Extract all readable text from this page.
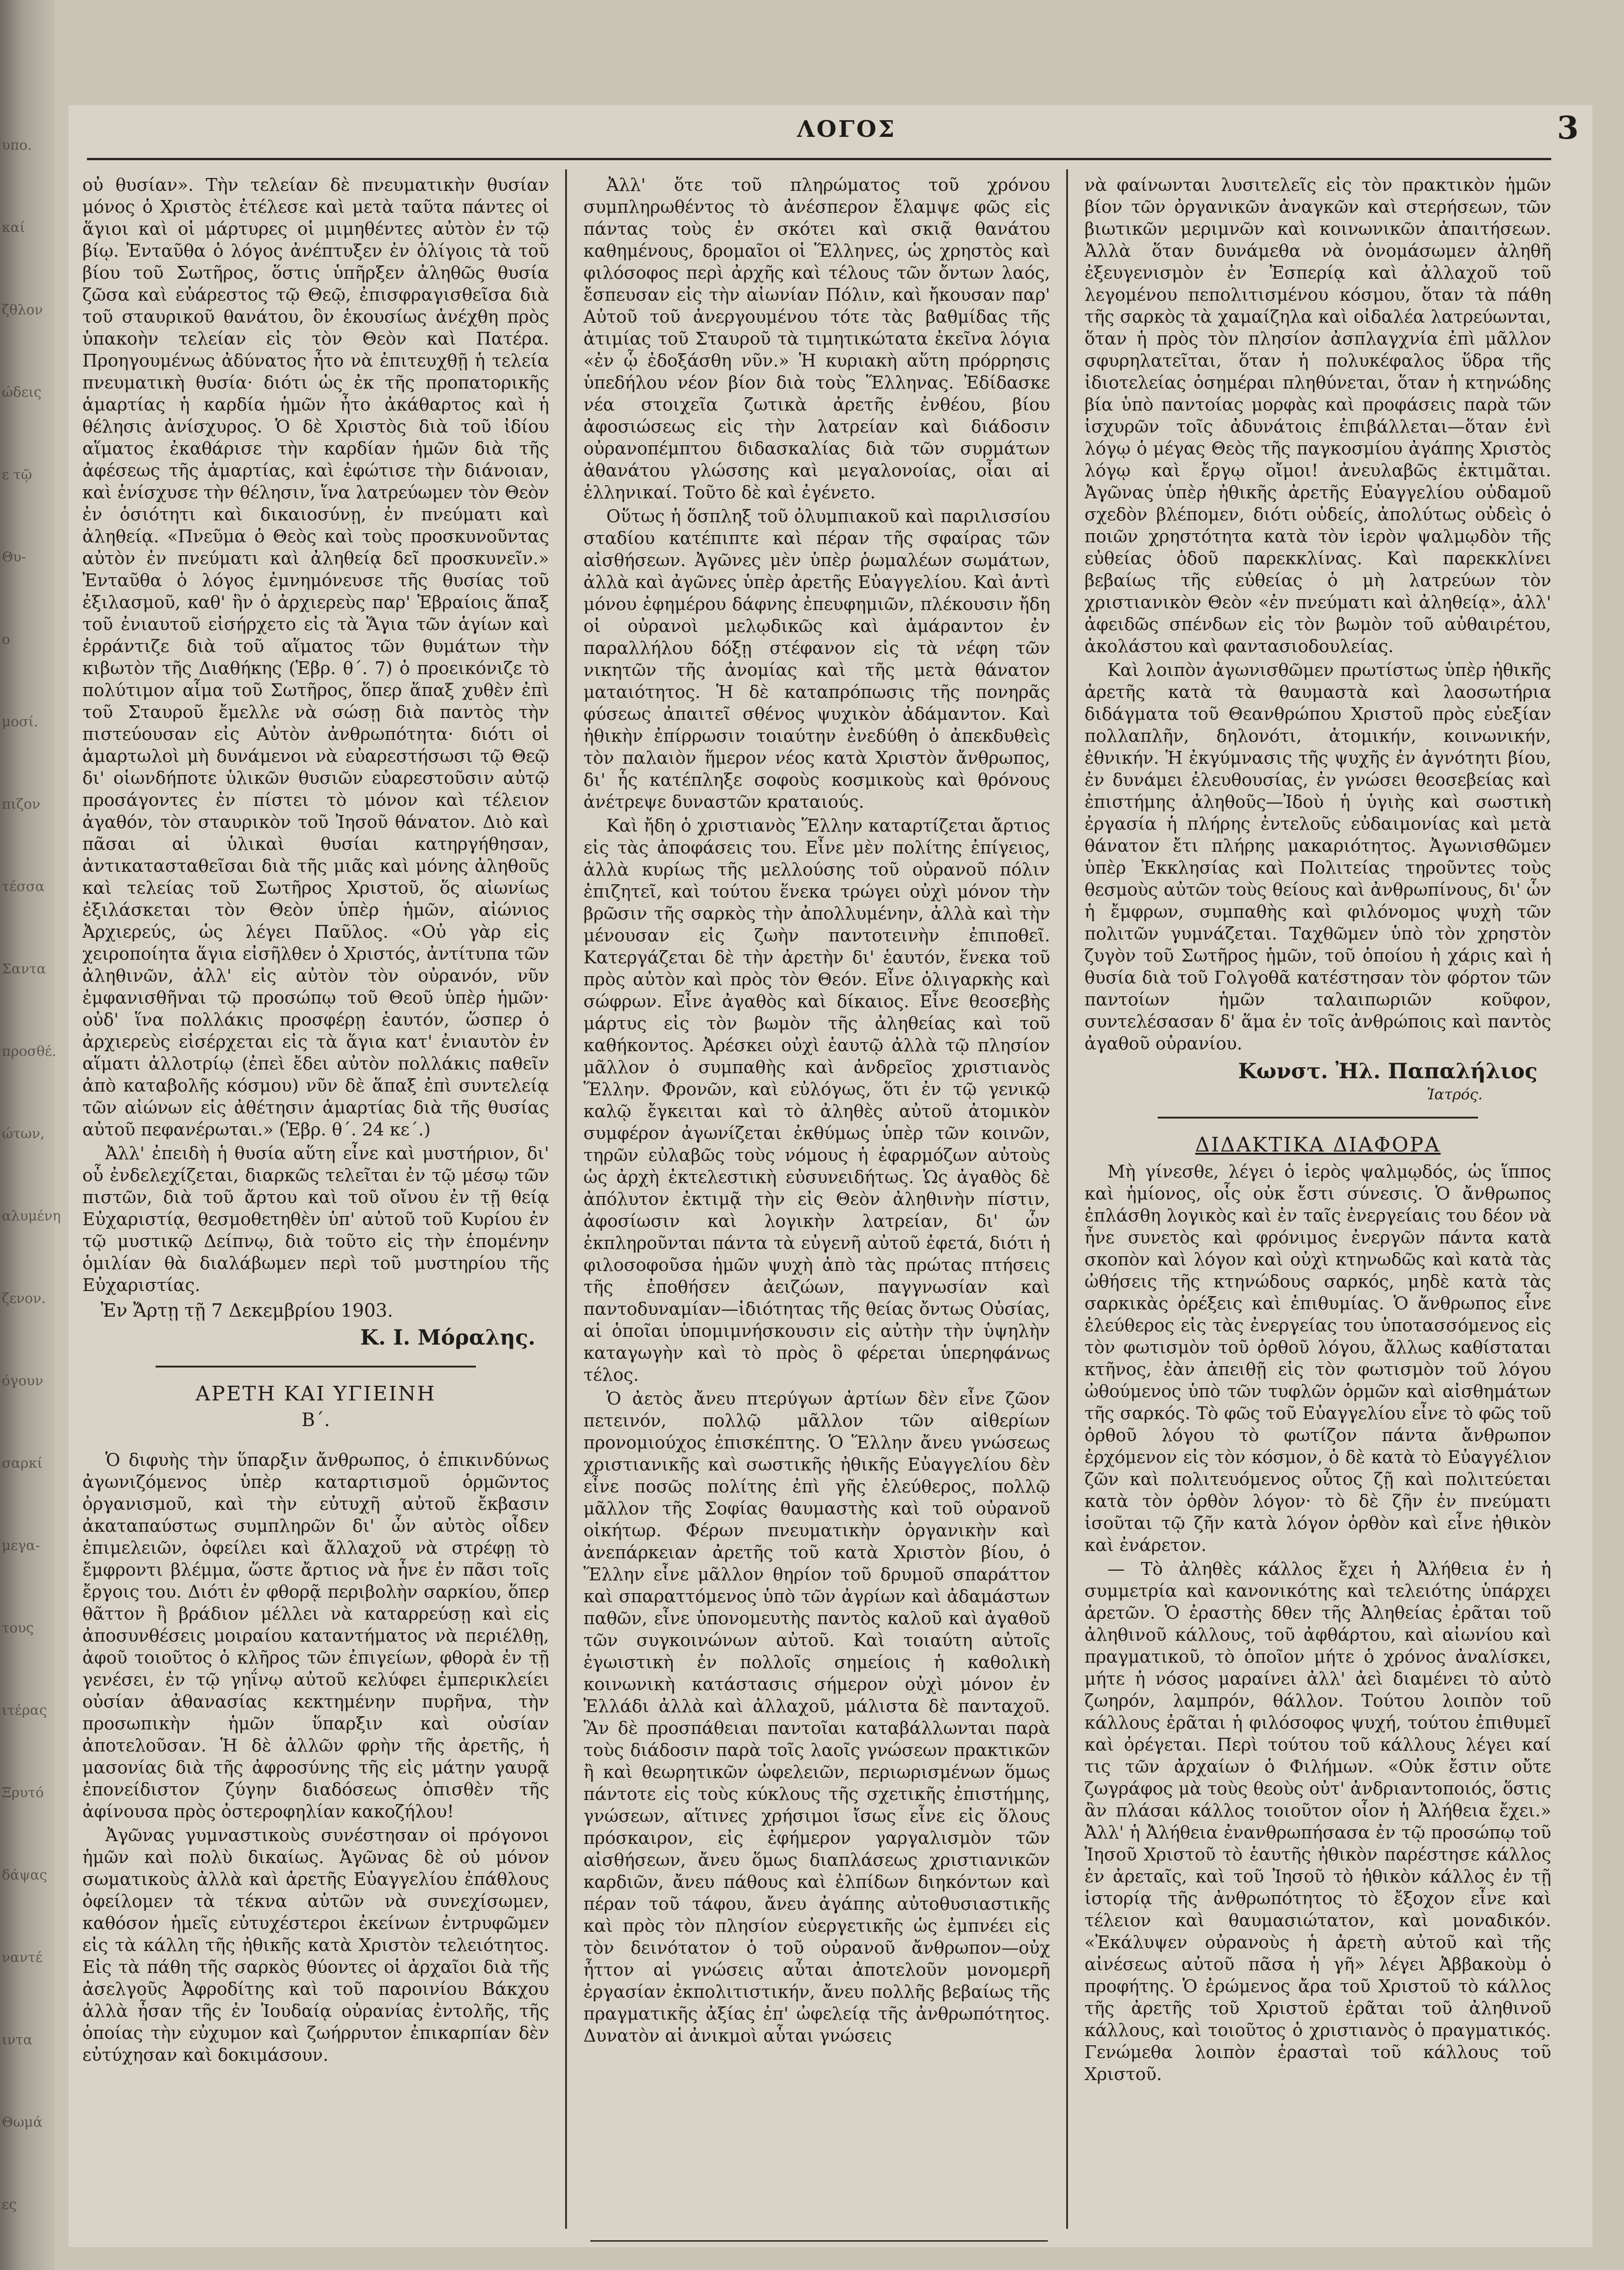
υπο.
καί
ζθλον
ώδεις
ε τῷ
Θυ-
ο
μοσί.
πιζον
τέσσα
Σαντα
προσθέ.
ώτων,
αλυμένη
ζενον.
όγουν
σαρκί
μεγα-
τους
ιτέρας
Ξρυτό
δάψας
ναντέ
ιντα
Θωμά
ες
ΛΟΓΟΣ	3

οὐ θυσίαν». Τὴν τελείαν δὲ πνευματικὴν θυσίαν μόνος ὁ Χριστὸς ἐτέλεσε καὶ μετὰ ταῦτα πάντες οἱ ἅγιοι καὶ οἱ μάρτυρες οἱ μιμηθέντες αὐτὸν ἐν τῷ βίῳ. Ἐνταῦθα ὁ λόγος ἀνέπτυξεν ἐν ὀλίγοις τὰ τοῦ βίου τοῦ Σωτῆρος, ὅστις ὑπῆρξεν ἀληθῶς θυσία ζῶσα καὶ εὐάρεστος τῷ Θεῷ, ἐπισφραγισθεῖσα διὰ τοῦ σταυρικοῦ θανάτου, ὃν ἑκουσίως ἀνέχθη πρὸς ὑπακοὴν τελείαν εἰς τὸν Θεὸν καὶ Πατέρα. Προηγουμένως ἀδύνατος ἦτο νὰ ἐπιτευχθῇ ἡ τελεία πνευματικὴ θυσία· διότι ὡς ἐκ τῆς προπατορικῆς ἁμαρτίας ἡ καρδία ἡμῶν ἦτο ἀκάθαρτος καὶ ἡ θέλησις ἀνίσχυρος. Ὁ δὲ Χριστὸς διὰ τοῦ ἰδίου αἵματος ἐκαθάρισε τὴν καρδίαν ἡμῶν διὰ τῆς ἀφέσεως τῆς ἁμαρτίας, καὶ ἐφώτισε τὴν διάνοιαν, καὶ ἐνίσχυσε τὴν θέλησιν, ἵνα λατρεύωμεν τὸν Θεὸν ἐν ὁσιότητι καὶ δικαιοσύνῃ, ἐν πνεύματι καὶ ἀληθείᾳ. «Πνεῦμα ὁ Θεὸς καὶ τοὺς προσκυνοῦντας αὐτὸν ἐν πνεύματι καὶ ἀληθείᾳ δεῖ προσκυνεῖν.» Ἐνταῦθα ὁ λόγος ἐμνημόνευσε τῆς θυσίας τοῦ ἐξιλασμοῦ, καθ' ἣν ὁ ἀρχιερεὺς παρ' Ἑβραίοις ἅπαξ τοῦ ἐνιαυτοῦ εἰσήρχετο εἰς τὰ Ἅγια τῶν ἁγίων καὶ ἐρράντιζε διὰ τοῦ αἵματος τῶν θυμάτων τὴν κιβωτὸν τῆς Διαθήκης (Ἑβρ. θ΄. 7) ὁ προεικόνιζε τὸ πολύτιμον αἷμα τοῦ Σωτῆρος, ὅπερ ἅπαξ χυθὲν ἐπὶ τοῦ Σταυροῦ ἔμελλε νὰ σώσῃ διὰ παντὸς τὴν πιστεύουσαν εἰς Αὐτὸν ἀνθρωπότητα· διότι οἱ ἁμαρτωλοὶ μὴ δυνάμενοι νὰ εὐαρεστήσωσι τῷ Θεῷ δι' οἱωνδήποτε ὑλικῶν θυσιῶν εὐαρεστοῦσιν αὐτῷ προσάγοντες ἐν πίστει τὸ μόνον καὶ τέλειον ἀγαθόν, τὸν σταυρικὸν τοῦ Ἰησοῦ θάνατον. Διὸ καὶ πᾶσαι αἱ ὑλικαὶ θυσίαι κατηργήθησαν, ἀντικατασταθεῖσαι διὰ τῆς μιᾶς καὶ μόνης ἀληθοῦς καὶ τελείας τοῦ Σωτῆρος Χριστοῦ, ὅς αἰωνίως ἐξιλάσκεται τὸν Θεὸν ὑπὲρ ἡμῶν, αἰώνιος Ἀρχιερεύς, ὡς λέγει Παῦλος. «Οὐ γὰρ εἰς χειροποίητα ἅγια εἰσῆλθεν ὁ Χριστός, ἀντίτυπα τῶν ἀληθινῶν, ἀλλ' εἰς αὐτὸν τὸν οὐρανόν, νῦν ἐμφανισθῆναι τῷ προσώπῳ τοῦ Θεοῦ ὑπὲρ ἡμῶν· οὐδ' ἵνα πολλάκις προσφέρῃ ἑαυτόν, ὥσπερ ὁ ἀρχιερεὺς εἰσέρχεται εἰς τὰ ἅγια κατ' ἐνιαυτὸν ἐν αἵματι ἀλλοτρίῳ (ἐπεὶ ἔδει αὐτὸν πολλάκις παθεῖν ἀπὸ καταβολῆς κόσμου) νῦν δὲ ἅπαξ ἐπὶ συντελείᾳ τῶν αἰώνων εἰς ἀθέτησιν ἁμαρτίας διὰ τῆς θυσίας αὐτοῦ πεφανέρωται.» (Ἑβρ. θ΄. 24 κε΄.)

Ἀλλ' ἐπειδὴ ἡ θυσία αὕτη εἶνε καὶ μυστήριον, δι' οὗ ἐνδελεχίζεται, διαρκῶς τελεῖται ἐν τῷ μέσῳ τῶν πιστῶν, διὰ τοῦ ἄρτου καὶ τοῦ οἴνου ἐν τῇ θείᾳ Εὐχαριστίᾳ, θεσμοθετηθὲν ὑπ' αὐτοῦ τοῦ Κυρίου ἐν τῷ μυστικῷ Δείπνῳ, διὰ τοῦτο εἰς τὴν ἑπομένην ὁμιλίαν θὰ διαλάβωμεν περὶ τοῦ μυστηρίου τῆς Εὐχαριστίας.

Ἐν Ἄρτῃ τῇ 7 Δεκεμβρίου 1903.
Κ. Ι. Μόραλης.
ΑΡΕΤΗ ΚΑΙ ΥΓΙΕΙΝΗ
Β΄.

Ὁ διφυὴς τὴν ὕπαρξιν ἄνθρωπος, ὁ ἐπικινδύνως ἀγωνιζόμενος ὑπὲρ καταρτισμοῦ ὁρμῶντος ὀργανισμοῦ, καὶ τὴν εὐτυχῆ αὐτοῦ ἔκβασιν ἀκαταπαύστως συμπληρῶν δι' ὧν αὐτὸς οἶδεν ἐπιμελειῶν, ὀφείλει καὶ ἄλλαχοῦ νὰ στρέφῃ τὸ ἔμφροντι βλέμμα, ὥστε ἄρτιος νὰ ἦνε ἐν πᾶσι τοῖς ἔργοις του. Διότι ἐν φθορᾷ περιβολὴν σαρκίου, ὅπερ θᾶττον ἢ βράδιον μέλλει νὰ καταρρεύσῃ καὶ εἰς ἀποσυνθέσεις μοιραίου καταντήματος νὰ περιέλθῃ, ἀφοῦ τοιοῦτος ὁ κλῆρος τῶν ἐπιγείων, φθορὰ ἐν τῇ γενέσει, ἐν τῷ γηΐνῳ αὐτοῦ κελύφει ἐμπερικλείει οὐσίαν ἀθανασίας κεκτημένην πυρῆνα, τὴν προσωπικὴν ἡμῶν ὕπαρξιν καὶ οὐσίαν ἀποτελοῦσαν. Ἡ δὲ ἀλλῶν φρὴν τῆς ἀρετῆς, ἡ μασονίας διὰ τῆς ἀφροσύνης τῆς εἰς μάτην γαυρᾷ ἐπονείδιστον ζύγην διαδόσεως ὀπισθὲν τῆς ἀφίνουσα πρὸς ὀστεροφηλίαν κακοζήλου!

Ἀγῶνας γυμναστικοὺς συνέστησαν οἱ πρόγονοι ἡμῶν καὶ πολὺ δικαίως. Ἀγῶνας δὲ οὐ μόνον σωματικοὺς ἀλλὰ καὶ ἀρετῆς Εὐαγγελίου ἐπάθλους ὀφείλομεν τὰ τέκνα αὐτῶν νὰ συνεχίσωμεν, καθόσον ἡμεῖς εὐτυχέστεροι ἐκείνων ἐντρυφῶμεν εἰς τὰ κάλλη τῆς ἠθικῆς κατὰ Χριστὸν τελειότητος. Εἰς τὰ πάθη τῆς σαρκὸς θύοντες οἱ ἀρχαῖοι διὰ τῆς ἀσελγοῦς Ἀφροδίτης καὶ τοῦ παροινίου Βάκχου ἀλλὰ ἦσαν τῆς ἐν Ἰουδαίᾳ οὐρανίας ἐντολῆς, τῆς ὁποίας τὴν εὐχυμον καὶ ζωήρρυτον ἐπικαρπίαν δὲν εὐτύχησαν καὶ δοκιμάσουν.

Ἀλλ' ὅτε τοῦ πληρώματος τοῦ χρόνου συμπληρωθέντος τὸ ἀνέσπερον ἔλαμψε φῶς εἰς πάντας τοὺς ἐν σκότει καὶ σκιᾷ θανάτου καθημένους, δρομαῖοι οἱ Ἕλληνες, ὡς χρηστὸς καὶ φιλόσοφος περὶ ἀρχῆς καὶ τέλους τῶν ὄντων λαός, ἔσπευσαν εἰς τὴν αἰωνίαν Πόλιν, καὶ ἤκουσαν παρ' Αὐτοῦ τοῦ ἀνεργουμένου τότε τὰς βαθμίδας τῆς ἀτιμίας τοῦ Σταυροῦ τὰ τιμητικώτατα ἐκεῖνα λόγια «ἐν ᾧ ἐδοξάσθη νῦν.» Ἡ κυριακὴ αὕτη πρόρρησις ὑπεδήλου νέον βίον διὰ τοὺς Ἕλληνας. Ἐδίδασκε νέα στοιχεῖα ζωτικὰ ἀρετῆς ἐνθέου, βίου ἀφοσιώσεως εἰς τὴν λατρείαν καὶ διάδοσιν οὐρανοπέμπτου διδασκαλίας διὰ τῶν συρμάτων ἀθανάτου γλώσσης καὶ μεγαλονοίας, οἶαι αἱ ἑλληνικαί. Τοῦτο δὲ καὶ ἐγένετο.

Οὕτως ἡ ὅσπληξ τοῦ ὀλυμπιακοῦ καὶ παριλισσίου σταδίου κατέπιπτε καὶ πέραν τῆς σφαίρας τῶν αἰσθήσεων. Ἀγῶνες μὲν ὑπὲρ ῥωμαλέων σωμάτων, ἀλλὰ καὶ ἀγῶνες ὑπὲρ ἀρετῆς Εὐαγγελίου. Καὶ ἀντὶ μόνου ἐφημέρου δάφνης ἐπευφημιῶν, πλέκουσιν ἤδη οἱ οὐρανοὶ μελῳδικῶς καὶ ἀμάραντον ἐν παραλλήλου δόξῃ στέφανον εἰς τὰ νέφη τῶν νικητῶν τῆς ἀνομίας καὶ τῆς μετὰ θάνατον ματαιότητος. Ἡ δὲ καταπρόπωσις τῆς πονηρᾶς φύσεως ἀπαιτεῖ σθένος ψυχικὸν ἀδάμαντον. Καὶ ἠθικὴν ἐπίρρωσιν τοιαύτην ἐνεδύθη ὁ ἀπεκδυθεὶς τὸν παλαιὸν ἥμερον νέος κατὰ Χριστὸν ἄνθρωπος, δι' ἧς κατέπληξε σοφοὺς κοσμικοὺς καὶ θρόνους ἀνέτρεψε δυναστῶν κραταιούς.

Καὶ ἤδη ὁ χριστιανὸς Ἕλλην καταρτίζεται ἄρτιος εἰς τὰς ἀποφάσεις του. Εἶνε μὲν πολίτης ἐπίγειος, ἀλλὰ κυρίως τῆς μελλούσης τοῦ οὐρανοῦ πόλιν ἐπιζητεῖ, καὶ τούτου ἕνεκα τρώγει οὐχὶ μόνον τὴν βρῶσιν τῆς σαρκὸς τὴν ἀπολλυμένην, ἀλλὰ καὶ τὴν μένουσαν εἰς ζωὴν παντοτεινὴν ἐπιποθεῖ. Κατεργάζεται δὲ τὴν ἀρετὴν δι' ἑαυτόν, ἕνεκα τοῦ πρὸς αὐτὸν καὶ πρὸς τὸν Θεόν. Εἶνε ὀλιγαρκὴς καὶ σώφρων. Εἶνε ἀγαθὸς καὶ δίκαιος. Εἶνε θεοσεβὴς μάρτυς εἰς τὸν βωμὸν τῆς ἀληθείας καὶ τοῦ καθήκοντος. Ἀρέσκει οὐχὶ ἑαυτῷ ἀλλὰ τῷ πλησίον μᾶλλον ὁ συμπαθὴς καὶ ἀνδρεῖος χριστιανὸς Ἕλλην. Φρονῶν, καὶ εὐλόγως, ὅτι ἐν τῷ γενικῷ καλῷ ἔγκειται καὶ τὸ ἀληθὲς αὐτοῦ ἀτομικὸν συμφέρον ἀγωνίζεται ἐκθύμως ὑπὲρ τῶν κοινῶν, τηρῶν εὐλαβῶς τοὺς νόμους ἡ ἐφαρμόζων αὐτοὺς ὡς ἀρχὴ ἐκτελεστικὴ εὐσυνειδήτως. Ὡς ἀγαθὸς δὲ ἀπόλυτον ἐκτιμᾷ τὴν εἰς Θεὸν ἀληθινὴν πίστιν, ἀφοσίωσιν καὶ λογικὴν λατρείαν, δι' ὧν ἐκπληροῦνται πάντα τὰ εὐγενῆ αὐτοῦ ἐφετά, διότι ἡ φιλοσοφοῦσα ἡμῶν ψυχὴ ἀπὸ τὰς πρώτας πτήσεις τῆς ἐποθήσεν ἀειζώων, παγγνωσίαν καὶ παντοδυναμίαν—ἰδιότητας τῆς θείας ὄντως Οὐσίας, αἱ ὁποῖαι ὑπομιμνήσκουσιν εἰς αὐτὴν τὴν ὑψηλὴν καταγωγὴν καὶ τὸ πρὸς ὃ φέρεται ὑπερηφάνως τέλος.

Ὁ ἀετὸς ἄνευ πτερύγων ἀρτίων δὲν εἶνε ζῶον πετεινόν, πολλῷ μᾶλλον τῶν αἰθερίων προνομιούχος ἐπισκέπτης. Ὁ Ἕλλην ἄνευ γνώσεως χριστιανικῆς καὶ σωστικῆς ἠθικῆς Εὐαγγελίου δὲν εἶνε ποσῶς πολίτης ἐπὶ γῆς ἐλεύθερος, πολλῷ μᾶλλον τῆς Σοφίας θαυμαστὴς καὶ τοῦ οὐρανοῦ οἰκήτωρ. Φέρων πνευματικὴν ὀργανικὴν καὶ ἀνεπάρκειαν ἀρετῆς τοῦ κατὰ Χριστὸν βίου, ὁ Ἕλλην εἶνε μᾶλλον θηρίον τοῦ δρυμοῦ σπαράττον καὶ σπαραττόμενος ὑπὸ τῶν ἀγρίων καὶ ἀδαμάστων παθῶν, εἶνε ὑπονομευτὴς παντὸς καλοῦ καὶ ἀγαθοῦ τῶν συγκοινώνων αὐτοῦ. Καὶ τοιαύτη αὐτοῖς ἐγωιστικὴ ἐν πολλοῖς σημείοις ἡ καθολικὴ κοινωνικὴ κατάστασις σήμερον οὐχὶ μόνον ἐν Ἑλλάδι ἀλλὰ καὶ ἀλλαχοῦ, μάλιστα δὲ πανταχοῦ. Ἂν δὲ προσπάθειαι παντοῖαι καταβάλλωνται παρὰ τοὺς διάδοσιν παρὰ τοῖς λαοῖς γνώσεων πρακτικῶν ἢ καὶ θεωρητικῶν ὠφελειῶν, περιωρισμένων ὅμως πάντοτε εἰς τοὺς κύκλους τῆς σχετικῆς ἐπιστήμης, γνώσεων, αἵτινες χρήσιμοι ἴσως εἶνε εἰς ὅλους πρόσκαιρον, εἰς ἐφήμερον γαργαλισμὸν τῶν αἰσθήσεων, ἄνευ ὅμως διαπλάσεως χριστιανικῶν καρδιῶν, ἄνευ πάθους καὶ ἐλπίδων διηκόντων καὶ πέραν τοῦ τάφου, ἄνευ ἀγάπης αὐτοθυσιαστικῆς καὶ πρὸς τὸν πλησίον εὐεργετικῆς ὡς ἐμπνέει εἰς τὸν δεινότατον ὁ τοῦ οὐρανοῦ ἄνθρωπον—οὐχ ἧττον αἱ γνώσεις αὗται ἀποτελοῦν μονομερῆ ἐργασίαν ἐκπολιτιστικήν, ἄνευ πολλῆς βεβαίως τῆς πραγματικῆς ἀξίας ἐπ' ὠφελείᾳ τῆς ἀνθρωπότητος. Δυνατὸν αἱ ἀνικμοὶ αὗται γνώσεις

νὰ φαίνωνται λυσιτελεῖς εἰς τὸν πρακτικὸν ἡμῶν βίον τῶν ὀργανικῶν ἀναγκῶν καὶ στερήσεων, τῶν βιωτικῶν μεριμνῶν καὶ κοινωνικῶν ἀπαιτήσεων. Ἀλλὰ ὅταν δυνάμεθα νὰ ὀνομάσωμεν ἀληθῆ ἐξευγενισμὸν ἐν Ἑσπερίᾳ καὶ ἀλλαχοῦ τοῦ λεγομένου πεπολιτισμένου κόσμου, ὅταν τὰ πάθη τῆς σαρκὸς τὰ χαμαίζηλα καὶ οἰδαλέα λατρεύωνται, ὅταν ἡ πρὸς τὸν πλησίον ἀσπλαγχνία ἐπὶ μᾶλλον σφυρηλατεῖται, ὅταν ἡ πολυκέφαλος ὕδρα τῆς ἰδιοτελείας ὁσημέραι πληθύνεται, ὅταν ἡ κτηνώδης βία ὑπὸ παντοίας μορφὰς καὶ προφάσεις παρὰ τῶν ἰσχυρῶν τοῖς ἀδυνάτοις ἐπιβάλλεται—ὅταν ἑνὶ λόγῳ ὁ μέγας Θεὸς τῆς παγκοσμίου ἀγάπης Χριστὸς λόγῳ καὶ ἔργῳ οἴμοι! ἀνευλαβῶς ἐκτιμᾶται. Ἀγῶνας ὑπὲρ ἠθικῆς ἀρετῆς Εὐαγγελίου οὐδαμοῦ σχεδὸν βλέπομεν, διότι οὐδείς, ἀπολύτως οὐδεὶς ὁ ποιῶν χρηστότητα κατὰ τὸν ἱερὸν ψαλμῳδὸν τῆς εὐθείας ὁδοῦ παρεκκλίνας. Καὶ παρεκκλίνει βεβαίως τῆς εὐθείας ὁ μὴ λατρεύων τὸν χριστιανικὸν Θεὸν «ἐν πνεύματι καὶ ἀληθείᾳ», ἀλλ' ἀφειδῶς σπένδων εἰς τὸν βωμὸν τοῦ αὐθαιρέτου, ἀκολάστου καὶ φαντασιοδουλείας.

Καὶ λοιπὸν ἀγωνισθῶμεν πρωτίστως ὑπὲρ ἠθικῆς ἀρετῆς κατὰ τὰ θαυμαστὰ καὶ λαοσωτήρια διδάγματα τοῦ Θεανθρώπου Χριστοῦ πρὸς εὐεξίαν πολλαπλῆν, δηλονότι, ἀτομικήν, κοινωνικήν, ἐθνικήν. Ἡ ἐκγύμνασις τῆς ψυχῆς ἐν ἁγνότητι βίου, ἐν δυνάμει ἐλευθουσίας, ἐν γνώσει θεοσεβείας καὶ ἐπιστήμης ἀληθοῦς—Ἰδοὺ ἡ ὑγιὴς καὶ σωστικὴ ἐργασία ἡ πλήρης ἐντελοῦς εὐδαιμονίας καὶ μετὰ θάνατον ἔτι πλήρης μακαριότητος. Ἀγωνισθῶμεν ὑπὲρ Ἐκκλησίας καὶ Πολιτείας τηροῦντες τοὺς θεσμοὺς αὐτῶν τοὺς θείους καὶ ἀνθρωπίνους, δι' ὧν ἡ ἔμφρων, συμπαθὴς καὶ φιλόνομος ψυχὴ τῶν πολιτῶν γυμνάζεται. Ταχθῶμεν ὑπὸ τὸν χρηστὸν ζυγὸν τοῦ Σωτῆρος ἡμῶν, τοῦ ὁποίου ἡ χάρις καὶ ἡ θυσία διὰ τοῦ Γολγοθᾶ κατέστησαν τὸν φόρτον τῶν παντοίων ἡμῶν ταλαιπωριῶν κοῦφον, συντελέσασαν δ' ἅμα ἐν τοῖς ἀνθρώποις καὶ παντὸς ἀγαθοῦ οὐρανίου.

Κωνστ. Ἠλ. Παπαλήλιος
Ἰατρός.
ΔΙΔΑΚΤΙΚΑ ΔΙΑΦΟΡΑ

Μὴ γίνεσθε, λέγει ὁ ἱερὸς ψαλμῳδός, ὡς ἵππος καὶ ἡμίονος, οἷς οὐκ ἔστι σύνεσις. Ὁ ἄνθρωπος ἐπλάσθη λογικὸς καὶ ἐν ταῖς ἐνεργείαις του δέον νὰ ἦνε συνετὸς καὶ φρόνιμος ἐνεργῶν πάντα κατὰ σκοπὸν καὶ λόγον καὶ οὐχὶ κτηνωδῶς καὶ κατὰ τὰς ὠθήσεις τῆς κτηνώδους σαρκός, μηδὲ κατὰ τὰς σαρκικὰς ὀρέξεις καὶ ἐπιθυμίας. Ὁ ἄνθρωπος εἶνε ἐλεύθερος εἰς τὰς ἐνεργείας του ὑποτασσόμενος εἰς τὸν φωτισμὸν τοῦ ὀρθοῦ λόγου, ἄλλως καθίσταται κτῆνος, ἐὰν ἀπειθῇ εἰς τὸν φωτισμὸν τοῦ λόγου ὠθούμενος ὑπὸ τῶν τυφλῶν ὁρμῶν καὶ αἰσθημάτων τῆς σαρκός. Τὸ φῶς τοῦ Εὐαγγελίου εἶνε τὸ φῶς τοῦ ὀρθοῦ λόγου τὸ φωτίζον πάντα ἄνθρωπον ἐρχόμενον εἰς τὸν κόσμον, ὁ δὲ κατὰ τὸ Εὐαγγέλιον ζῶν καὶ πολιτευόμενος οὗτος ζῇ καὶ πολιτεύεται κατὰ τὸν ὀρθὸν λόγον· τὸ δὲ ζῆν ἐν πνεύματι ἰσοῦται τῷ ζῆν κατὰ λόγον ὀρθὸν καὶ εἶνε ἠθικὸν καὶ ἐνάρετον.

— Τὸ ἀληθὲς κάλλος ἔχει ἡ Ἀλήθεια ἐν ἡ συμμετρία καὶ κανονικότης καὶ τελειότης ὑπάρχει ἀρετῶν. Ὁ ἐραστὴς δθεν τῆς Ἀληθείας ἐρᾶται τοῦ ἀληθινοῦ κάλλους, τοῦ ἀφθάρτου, καὶ αἰωνίου καὶ πραγματικοῦ, τὸ ὁποῖον μήτε ὁ χρόνος ἀναλίσκει, μήτε ἡ νόσος μαραίνει ἀλλ' ἀεὶ διαμένει τὸ αὐτὸ ζωηρόν, λαμπρόν, θάλλον. Τούτου λοιπὸν τοῦ κάλλους ἐρᾶται ἡ φιλόσοφος ψυχή, τούτου ἐπιθυμεῖ καὶ ὀρέγεται. Περὶ τούτου τοῦ κάλλους λέγει καί τις τῶν ἀρχαίων ὁ Φιλήμων. «Οὐκ ἔστιν οὔτε ζωγράφος μὰ τοὺς θεοὺς οὐτ' ἀνδριαντοποιός, ὅστις ἂν πλάσαι κάλλος τοιοῦτον οἷον ἡ Ἀλήθεια ἔχει.» Ἀλλ' ἡ Ἀλήθεια ἐνανθρωπήσασα ἐν τῷ προσώπῳ τοῦ Ἰησοῦ Χριστοῦ τὸ ἑαυτῆς ἠθικὸν παρέστησε κάλλος ἐν ἀρεταῖς, καὶ τοῦ Ἰησοῦ τὸ ἠθικὸν κάλλος ἐν τῇ ἱστορίᾳ τῆς ἀνθρωπότητος τὸ ἔξοχον εἶνε καὶ τέλειον καὶ θαυμασιώτατον, καὶ μοναδικόν. «Ἐκάλυψεν οὐρανοὺς ἡ ἀρετὴ αὐτοῦ καὶ τῆς αἰνέσεως αὐτοῦ πᾶσα ἡ γῆ» λέγει Ἀββακοὺμ ὁ προφήτης. Ὁ ἐρώμενος ἄρα τοῦ Χριστοῦ τὸ κάλλος τῆς ἀρετῆς τοῦ Χριστοῦ ἐρᾶται τοῦ ἀληθινοῦ κάλλους, καὶ τοιοῦτος ὁ χριστιανὸς ὁ πραγματικός. Γενώμεθα λοιπὸν ἐρασταὶ τοῦ κάλλους τοῦ Χριστοῦ.
